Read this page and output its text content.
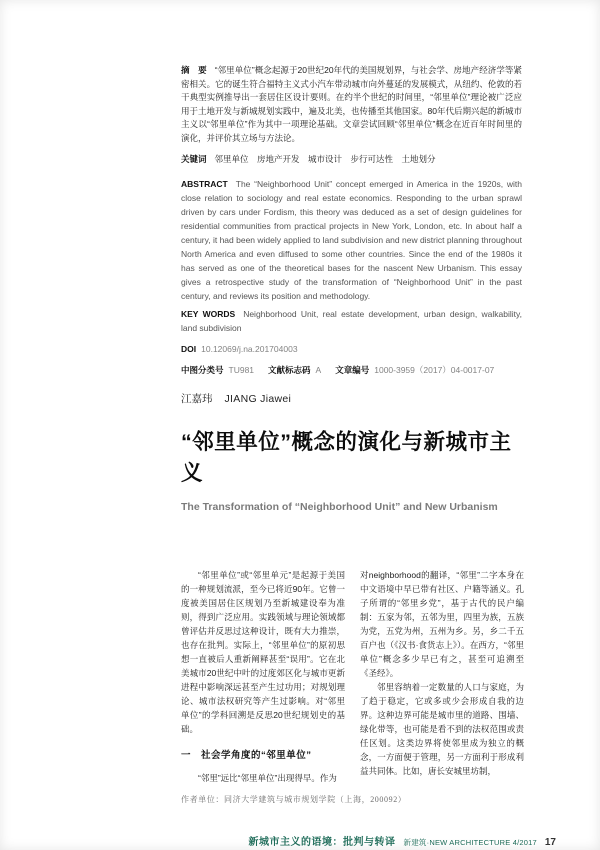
摘　要 “邻里单位”概念起源于20世纪20年代的美国规划界，与社会学、房地产经济学等紧密相关。它的诞生符合福特主义式小汽车带动城市向外蔓延的发展模式，从纽约、伦敦的若干典型实例推导出一套居住区设计要则。在约半个世纪的时间里，“邻里单位”理论被广泛应用于土地开发与新城规划实践中，遍及北美，也传播至其他国家。80年代后期兴起的新城市主义以“邻里单位”作为其中一项理论基础。文章尝试回顾“邻里单位”概念在近百年时间里的演化，并评价其立场与方法论。

关键词 邻里单位　房地产开发　城市设计　步行可达性　土地划分

ABSTRACT The “Neighborhood Unit” concept emerged in America in the 1920s, with close relation to sociology and real estate economics. Responding to the urban sprawl driven by cars under Fordism, this theory was deduced as a set of design guidelines for residential communities from practical projects in New York, London, etc. In about half a century, it had been widely applied to land subdivision and new district planning throughout North America and even diffused to some other countries. Since the end of the 1980s it has served as one of the theoretical bases for the nascent New Urbanism. This essay gives a retrospective study of the transformation of “Neighborhood Unit” in the past century, and reviews its position and methodology.

KEY WORDS Neighborhood Unit, real estate development, urban design, walkability, land subdivision

DOI 10.12069/j.na.201704003

中图分类号 TU981 文献标志码 A 文章编号 1000-3959（2017）04-0017-07

江嘉玮 JIANG Jiawei
“邻里单位”概念的演化与新城市主义
The Transformation of “Neighborhood Unit” and New Urbanism

“邻里单位”或“邻里单元”是起源于美国的一种规划流派，至今已将近90年。它曾一度被美国居住区规划乃至新城建设奉为准则，得到广泛应用。实践领域与理论领域都曾评估并反思过这种设计，既有大力推崇，也存在批判。实际上，“邻里单位”的原初思想一直被后人重新阐释甚至“误用”。它在北美城市20世纪中叶的过度郊区化与城市更新进程中影响深远甚至产生过功用；对规划理论、城市法权研究等产生过影响。对“邻里单位”的学科回溯是反思20世纪规划史的基础。

一　社会学角度的“邻里单位”

“邻里”远比“邻里单位”出现得早。作为

对neighborhood的翻译，“邻里”二字本身在中文语境中早已带有社区、户籍等涵义。孔子所谓的“邻里乡党”，基于古代的民户编制：五家为邻，五邻为里，四里为族，五族为党，五党为州，五州为乡。另，乡二千五百户也（《汉书·食货志上》）。在西方，“邻里单位”概念多少早已有之，甚至可追溯至《圣经》。

邻里容纳着一定数量的人口与家庭，为了趋于稳定，它或多或少会形成自我的边界。这种边界可能是城市里的道路、围墙、绿化带等，也可能是看不到的法权范围或责任区划。这类边界将使邻里成为独立的概念，一方面便于管理，另一方面利于形成利益共同体。比如，唐长安城里坊制，

作者单位：同济大学建筑与城市规划学院（上海，200092）

新城市主义的语境：批判与转译 新建筑·NEW ARCHITECTURE 4/2017 17
